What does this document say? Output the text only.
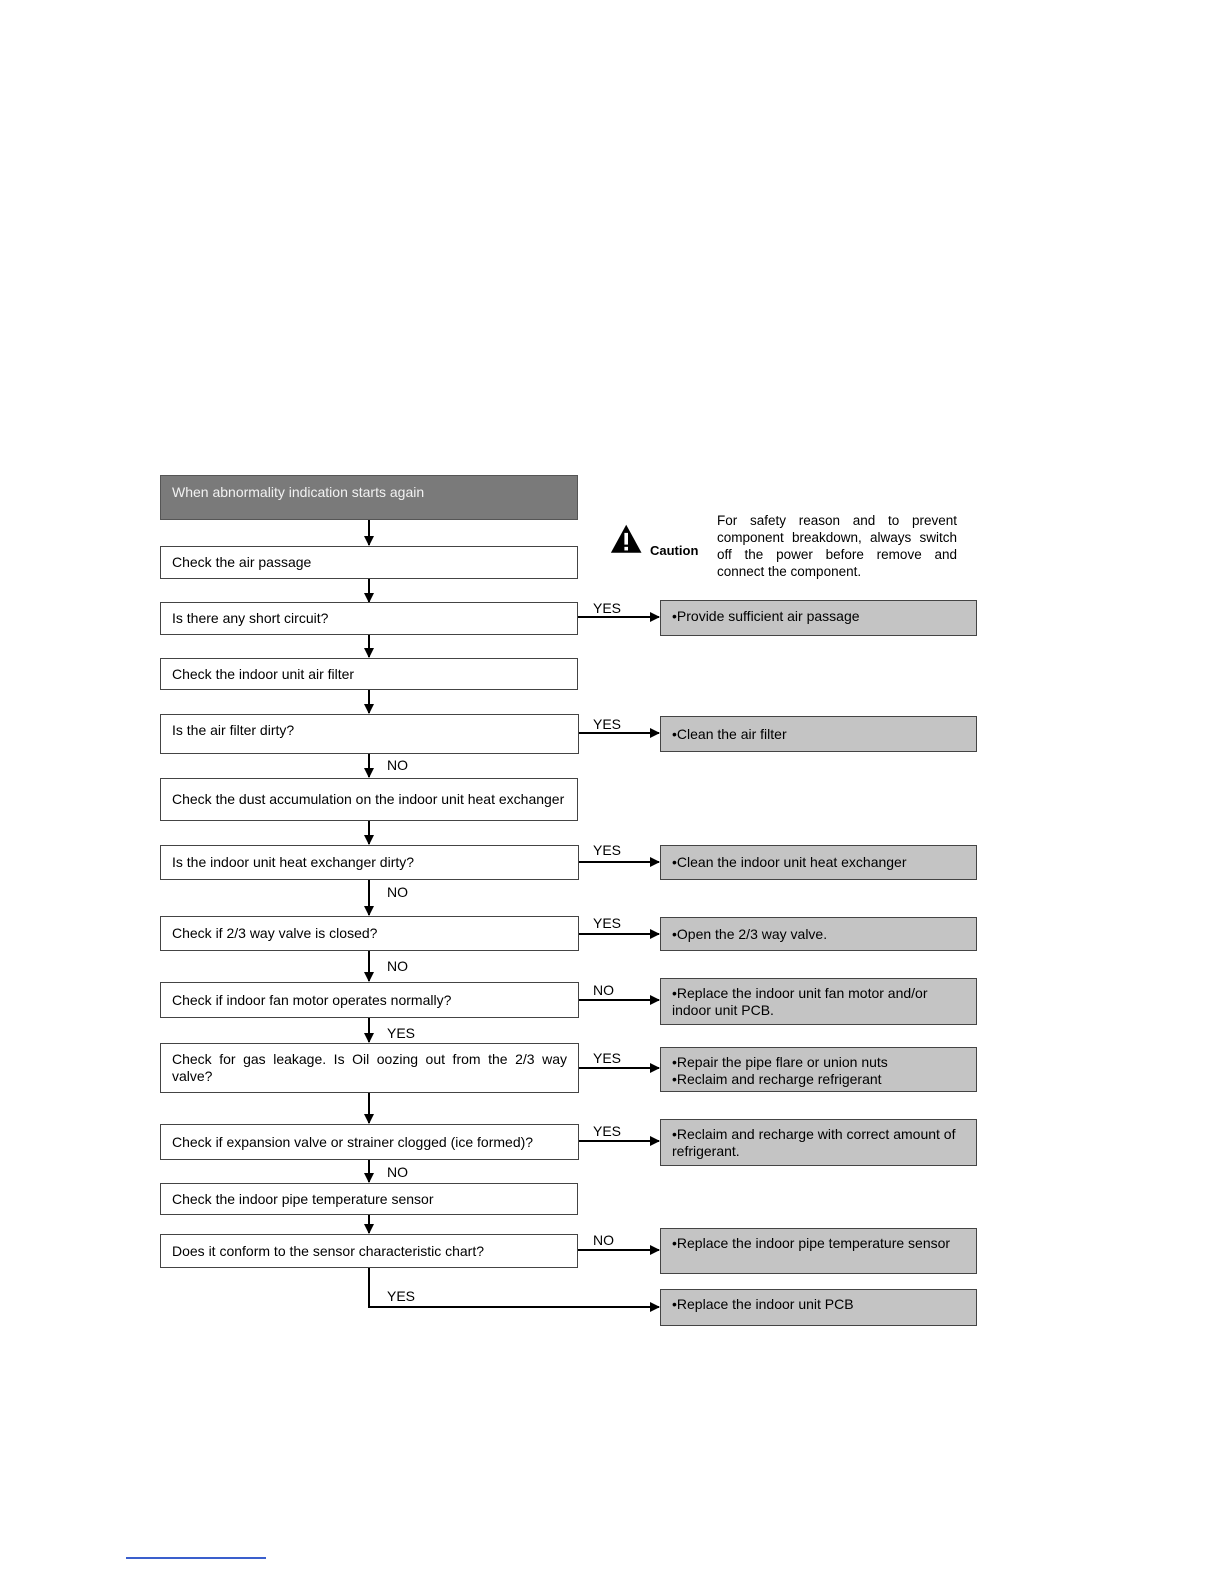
When abnormality indication starts again
Caution
For safety reason and to prevent component breakdown, always switch off the power before remove and connect the component.
Check the air passage
Is there any short circuit?
Check the indoor unit air filter
Is the air filter dirty?
Check the dust accumulation on the indoor unit heat exchanger
Is the indoor unit heat exchanger dirty?
Check if 2/3 way valve is closed?
Check if indoor fan motor operates normally?
Check for gas leakage. Is Oil oozing out from the 2/3 way valve?
Check if expansion valve or strainer clogged (ice formed)?
Check the indoor pipe temperature sensor
Does it conform to the sensor characteristic chart?
•Provide sufficient air passage
•Clean the air filter
•Clean the indoor unit heat exchanger
•Open the 2/3 way valve.
•Replace the indoor unit fan motor and/or indoor unit PCB.
•Repair the pipe flare or union nuts
•Reclaim and recharge refrigerant
•Reclaim and recharge with correct amount of refrigerant.
•Replace the indoor pipe temperature sensor
•Replace the indoor unit PCB
YES
YES
YES
YES
NO
YES
YES
NO
NO
NO
NO
YES
NO
YES
